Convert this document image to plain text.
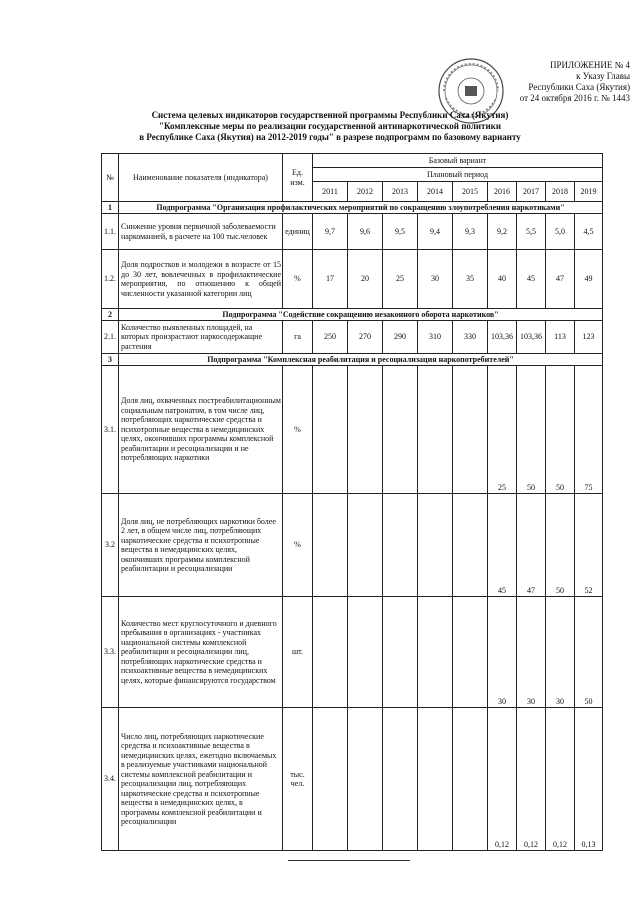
ПРИЛОЖЕНИЕ № 4
к Указу Главы
Республики Саха (Якутия)
от 24 октября 2016 г. № 1443
Система целевых индикаторов государственной программы Республики Саха (Якутия)
"Комплексные меры по реализации государственной антинаркотической политики
в Республике Саха (Якутия) на 2012-2019 годы" в разрезе подпрограмм по базовому варианту
№	Наименование показателя (индикатора)	Ед. изм.	Базовый вариант								
			Плановый период								
			2011	2012	2013	2014	2015	2016	2017	2018	2019
1	Подпрограмма "Организация профилактических мероприятий по сокращению злоупотребления наркотиками"										
1.1.	Снижение уровня первичной заболеваемости наркоманией, в расчете на 100 тыс.человек	единиц	9,7	9,6	9,5	9,4	9,3	9,2	5,5	5,0	4,5
1.2.	Доля подростков и молодежи в возрасте от 15 до 30 лет, вовлеченных в профилактические мероприятия, по отношению к общей численности указанной категории лиц	%	17	20	25	30	35	40	45	47	49
2	Подпрограмма "Содействие сокращению незаконного оборота наркотиков"										
2.1.	Количество выявленных площадей, на которых произрастают наркосодержащие растения	га	250	270	290	310	330	103,36	103,36	113	123
3	Подпрограмма "Комплексная реабилитация и ресоциализация наркопотребителей"										
3.1.	Доля лиц, охваченных постреабилитационным социальным патронатом, в том числе лиц, потребляющих наркотические средства и психотропные вещества в немедицинских целях, окончивших программы комплексной реабилитации и ресоциализации и не потребляющих наркотики	%						25	50	50	75
3.2	Доля лиц, не потребляющих наркотики более 2 лет, в общем числе лиц, потребляющих наркотические средства и психотропные вещества в немедицинских целях, окончивших программы комплексной реабилитации и ресоциализации	%						45	47	50	52
3.3.	Количество мест круглосуточного и дневного пребывания в организациях - участниках национальной системы комплексной реабилитации и ресоциализации лиц, потребляющих наркотические средства и психоактивные вещества в немедицинских целях, которые финансируются государством	шт.						30	30	30	50
3.4.	Число лиц, потребляющих наркотические средства и психоактивные вещества в немедицинских целях, ежегодно включаемых в реализуемые участниками национальной системы комплексной реабилитации и ресоциализации лиц, потребляющих наркотические средства и психотропные вещества в немедицинских целях, в программы комплексной реабилитации и ресоциализации	тыс. чел.						0,12	0,12	0,12	0,13
